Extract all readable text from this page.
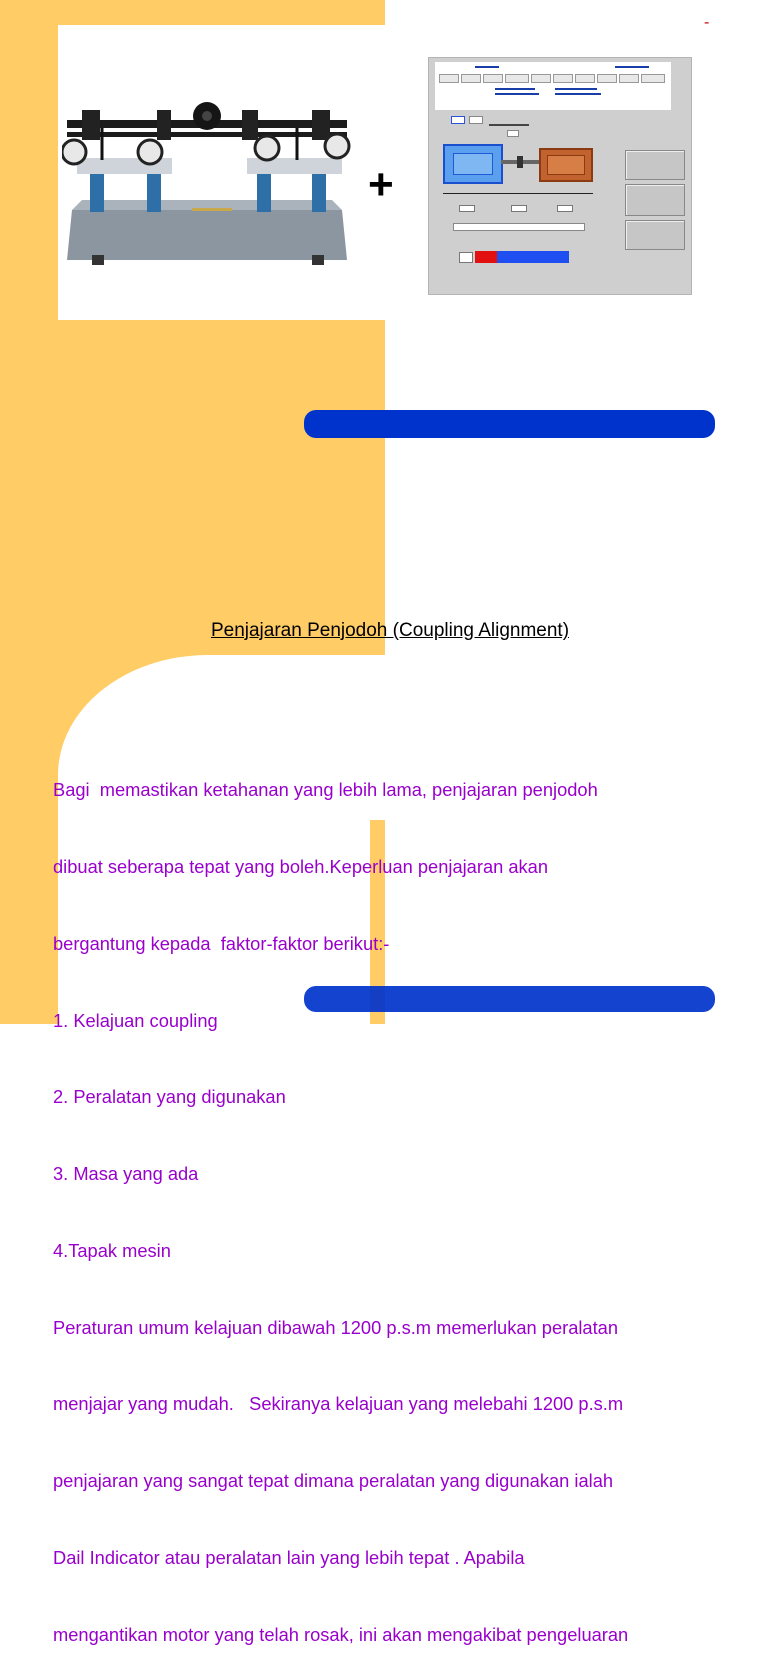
-
+
Penjajaran Penjodoh (Coupling Alignment)

Bagi  memastikan ketahanan yang lebih lama, penjajaran penjodoh

dibuat seberapa tepat yang boleh.Keperluan penjajaran akan

bergantung kepada  faktor-faktor berikut:-

1. Kelajuan coupling

2. Peralatan yang digunakan

3. Masa yang ada

4.Tapak mesin

Peraturan umum kelajuan dibawah 1200 p.s.m memerlukan peralatan

menjajar yang mudah.   Sekiranya kelajuan yang melebahi 1200 p.s.m

penjajaran yang sangat tepat dimana peralatan yang digunakan ialah

Dail Indicator atau peralatan lain yang lebih tepat . Apabila

mengantikan motor yang telah rosak, ini akan mengakibat pengeluaran
